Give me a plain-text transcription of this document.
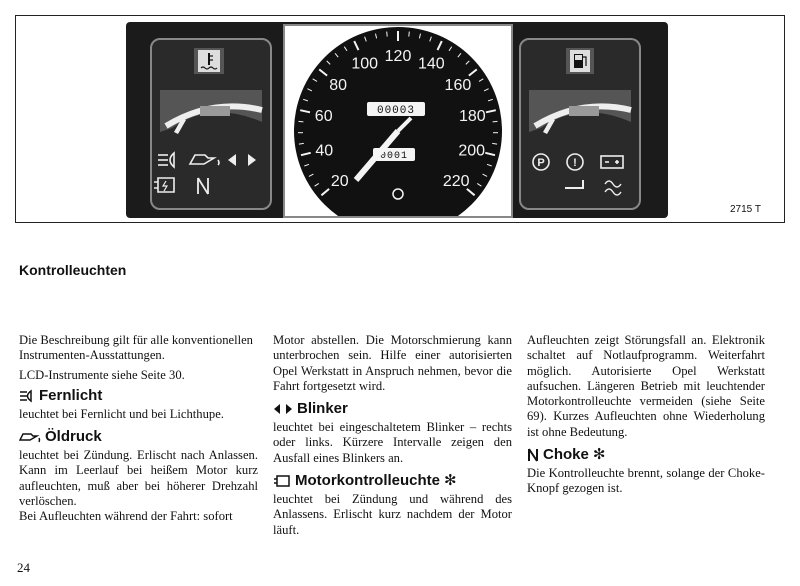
20
40
60
80
100 120 140
160
180
200
220
00003
0001
P	!
2715 T
Kontrolleuchten

Die Beschreibung gilt für alle konventionellen Instrumenten-Ausstattungen.

LCD-Instrumente siehe Seite 30.

Fernlicht

leuchtet bei Fernlicht und bei Lichthupe.

Öldruck

leuchtet bei Zündung. Erlischt nach Anlassen. Kann im Leerlauf bei heißem Motor kurz aufleuchten, muß aber bei höherer Drehzahl verlöschen.

Bei Aufleuchten während der Fahrt: sofort

Motor abstellen. Die Motorschmierung kann unterbrochen sein. Hilfe einer autorisierten Opel Werkstatt in Anspruch nehmen, bevor die Fahrt fortgesetzt wird.

Blinker

leuchtet bei eingeschaltetem Blinker – rechts oder links. Kürzere Intervalle zeigen den Ausfall eines Blinkers an.

Motorkontrolleuchte ✻

leuchtet bei Zündung und während des Anlassens. Erlischt kurz nachdem der Motor läuft.

Aufleuchten zeigt Störungsfall an. Elektronik schaltet auf Notlaufprogramm. Weiterfahrt möglich. Autorisierte Opel Werkstatt aufsuchen. Längeren Betrieb mit leuchtender Motorkontrolleuchte vermeiden (siehe Seite 69). Kurzes Aufleuchten ohne Wiederholung ist ohne Bedeutung.

Choke ✻

Die Kontrolleuchte brennt, solange der Choke-Knopf gezogen ist.

24
